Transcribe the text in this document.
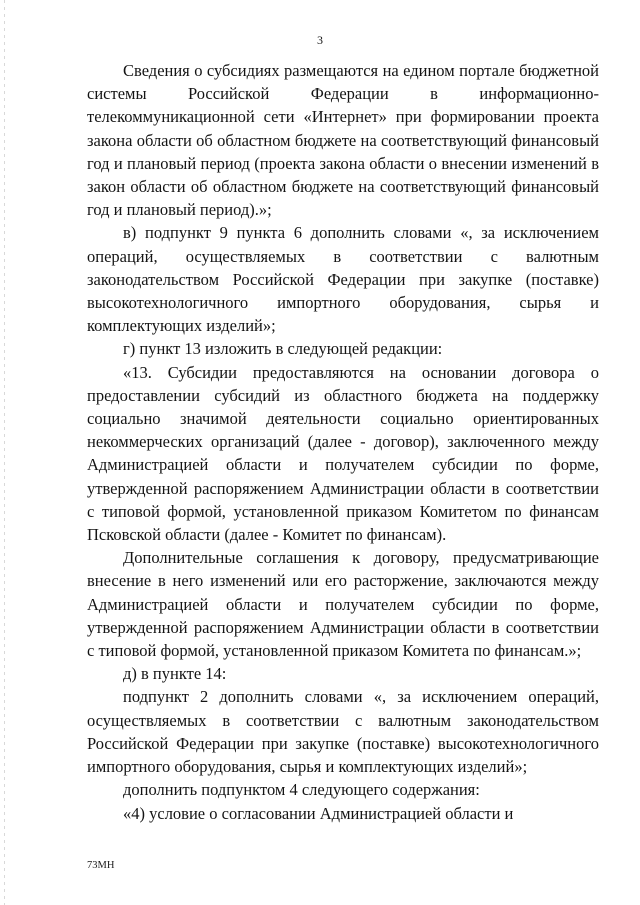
3

Сведения о субсидиях размещаются на едином портале бюджетной системы Российской Федерации в информационно-телекоммуникационной сети «Интернет» при формировании проекта закона области об областном бюджете на соответствующий финансовый год и плановый период (проекта закона области о внесении изменений в закон области об областном бюджете на соответствующий финансовый год и плановый период).»;

в) подпункт 9 пункта 6 дополнить словами «, за исключением операций, осуществляемых в соответствии с валютным законодательством Российской Федерации при закупке (поставке) высокотехнологичного импортного оборудования, сырья и комплектующих изделий»;

г) пункт 13 изложить в следующей редакции:

«13. Субсидии предоставляются на основании договора о предоставлении субсидий из областного бюджета на поддержку социально значимой деятельности социально ориентированных некоммерческих организаций (далее - договор), заключенного между Администрацией области и получателем субсидии по форме, утвержденной распоряжением Администрации области в соответствии с типовой формой, установленной приказом Комитетом по финансам Псковской области (далее - Комитет по финансам).

Дополнительные соглашения к договору, предусматривающие внесение в него изменений или его расторжение, заключаются между Администрацией области и получателем субсидии по форме, утвержденной распоряжением Администрации области в соответствии с типовой формой, установленной приказом Комитета по финансам.»;

д) в пункте 14:

подпункт 2 дополнить словами «, за исключением операций, осуществляемых в соответствии с валютным законодательством Российской Федерации при закупке (поставке) высокотехнологичного импортного оборудования, сырья и комплектующих изделий»;

дополнить подпунктом 4 следующего содержания:

«4) условие о согласовании Администрацией области и

73МН
